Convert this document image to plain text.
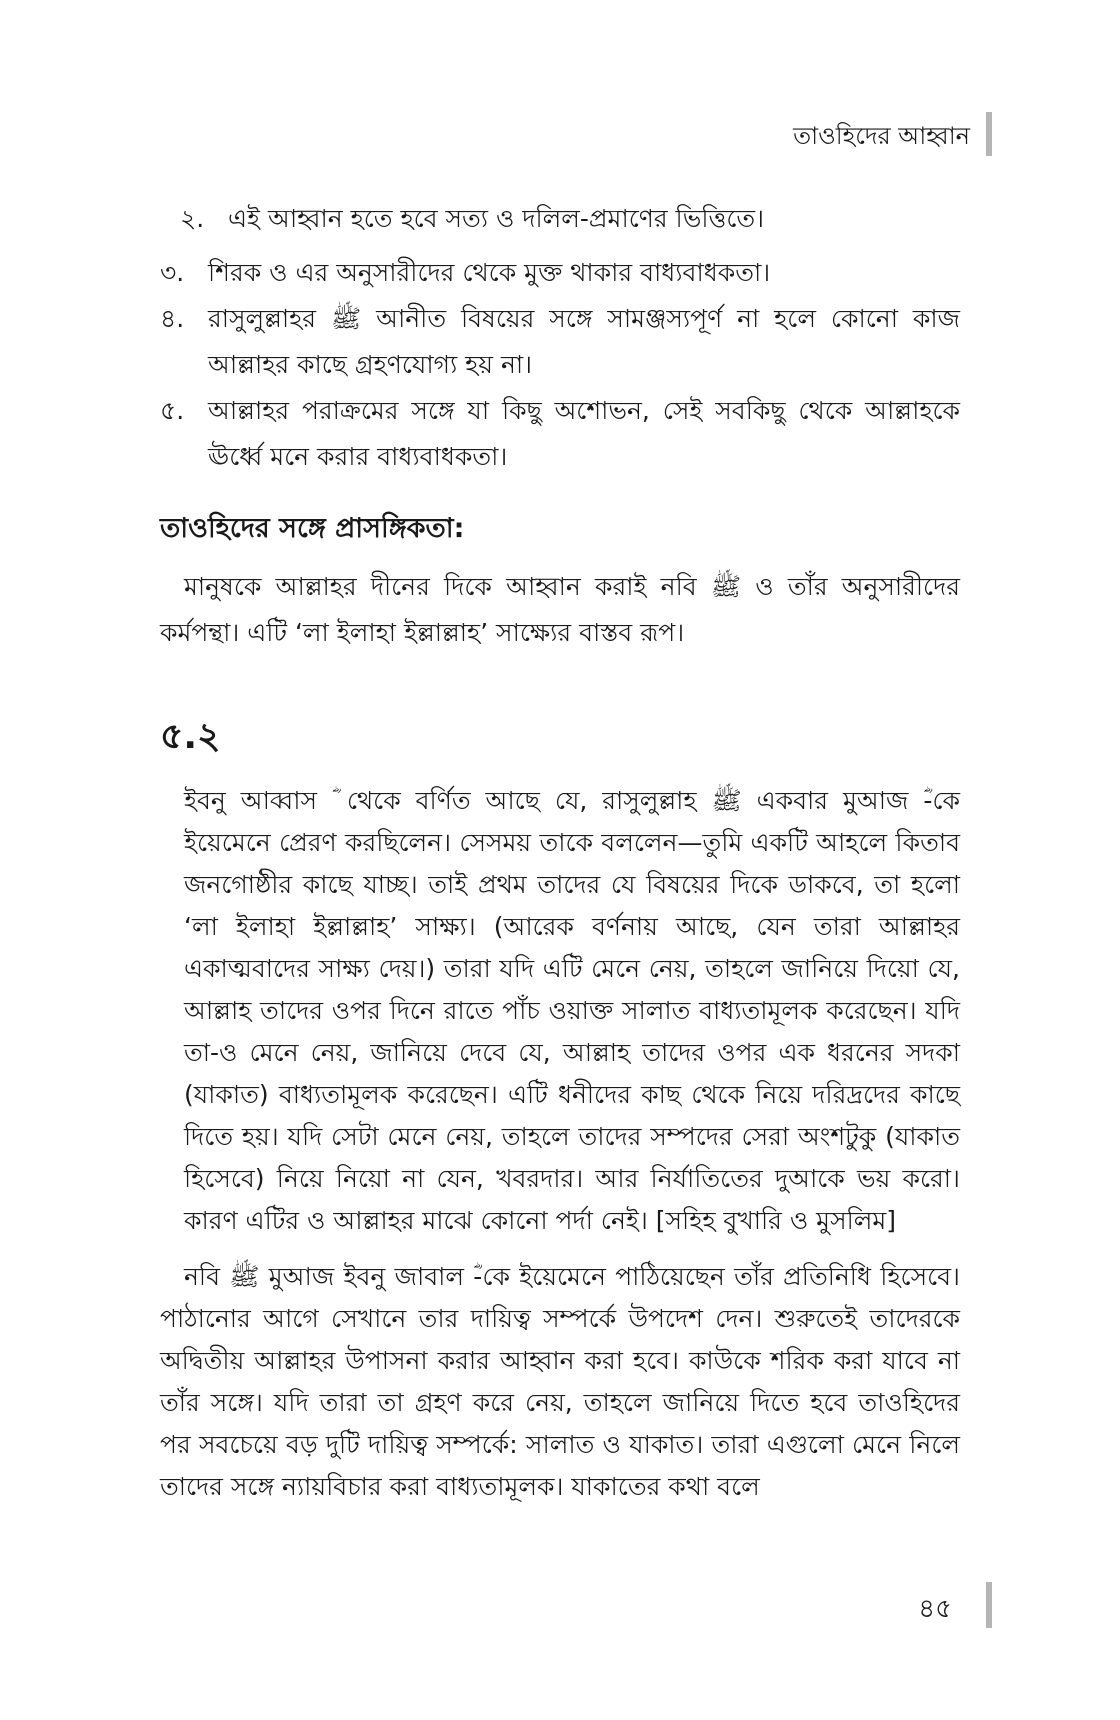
তাওহিদের আহ্বান
২. এই আহ্বান হতে হবে সত্য ও দলিল-প্রমাণের ভিত্তিতে।
৩. শিরক ও এর অনুসারীদের থেকে মুক্ত থাকার বাধ্যবাধকতা।
৪. রাসুলুল্লাহর ﷺ আনীত বিষয়ের সঙ্গে সামঞ্জস্যপূর্ণ না হলে কোনো কাজ আল্লাহর কাছে গ্রহণযোগ্য হয় না।
৫. আল্লাহর পরাক্রমের সঙ্গে যা কিছু অশোভন, সেই সবকিছু থেকে আল্লাহকে ঊর্ধ্বে মনে করার বাধ্যবাধকতা।
তাওহিদের সঙ্গে প্রাসঙ্গিকতা:

মানুষকে আল্লাহর দীনের দিকে আহ্বান করাই নবি ﷺ ও তাঁর অনুসারীদের কর্মপন্থা। এটি ‘লা ইলাহা ইল্লাল্লাহ’ সাক্ষ্যের বাস্তব রূপ।

৫.২

ইবনু আব্বাস ؓ থেকে বর্ণিত আছে যে, রাসুলুল্লাহ ﷺ একবার মুআজ ؓ-কে ইয়েমেনে প্রেরণ করছিলেন। সেসময় তাকে বললেন—তুমি একটি আহলে কিতাব জনগোষ্ঠীর কাছে যাচ্ছ। তাই প্রথম তাদের যে বিষয়ের দিকে ডাকবে, তা হলো ‘লা ইলাহা ইল্লাল্লাহ’ সাক্ষ্য। (আরেক বর্ণনায় আছে, যেন তারা আল্লাহর একাত্মবাদের সাক্ষ্য দেয়।) তারা যদি এটি মেনে নেয়, তাহলে জানিয়ে দিয়ো যে, আল্লাহ তাদের ওপর দিনে রাতে পাঁচ ওয়াক্ত সালাত বাধ্যতামূলক করেছেন। যদি তা-ও মেনে নেয়, জানিয়ে দেবে যে, আল্লাহ তাদের ওপর এক ধরনের সদকা (যাকাত) বাধ্যতামূলক করেছেন। এটি ধনীদের কাছ থেকে নিয়ে দরিদ্রদের কাছে দিতে হয়। যদি সেটা মেনে নেয়, তাহলে তাদের সম্পদের সেরা অংশটুকু (যাকাত হিসেবে) নিয়ে নিয়ো না যেন, খবরদার। আর নির্যাতিতের দুআকে ভয় করো। কারণ এটির ও আল্লাহর মাঝে কোনো পর্দা নেই। [সহিহ বুখারি ও মুসলিম]

নবি ﷺ মুআজ ইবনু জাবাল ؓ-কে ইয়েমেনে পাঠিয়েছেন তাঁর প্রতিনিধি হিসেবে। পাঠানোর আগে সেখানে তার দায়িত্ব সম্পর্কে উপদেশ দেন। শুরুতেই তাদেরকে অদ্বিতীয় আল্লাহর উপাসনা করার আহ্বান করা হবে। কাউকে শরিক করা যাবে না তাঁর সঙ্গে। যদি তারা তা গ্রহণ করে নেয়, তাহলে জানিয়ে দিতে হবে তাওহিদের পর সবচেয়ে বড় দুটি দায়িত্ব সম্পর্কে: সালাত ও যাকাত। তারা এগুলো মেনে নিলে তাদের সঙ্গে ন্যায়বিচার করা বাধ্যতামূলক। যাকাতের কথা বলে

৪৫
